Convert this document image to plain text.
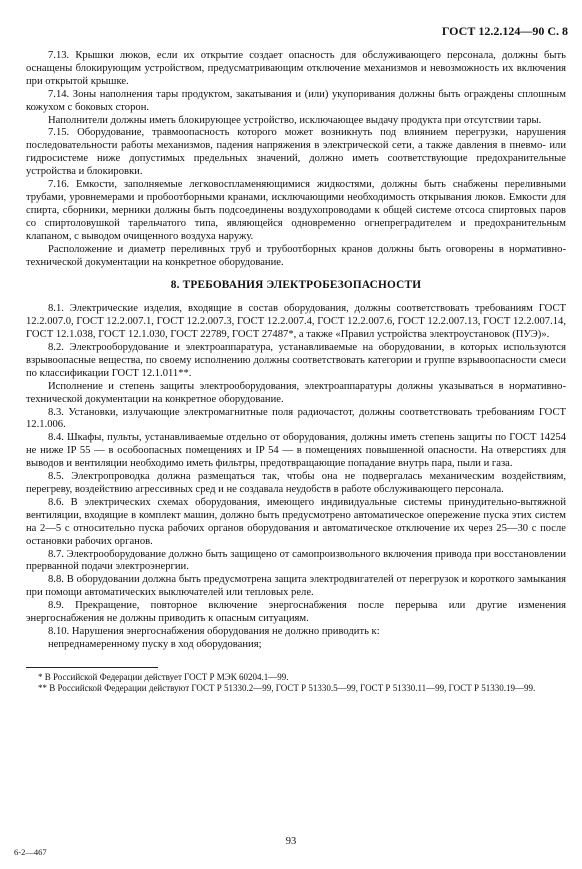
ГОСТ 12.2.124—90 С. 8

7.13. Крышки люков, если их открытие создает опасность для обслуживающего персонала, должны быть оснащены блокирующим устройством, предусматривающим отключение механизмов и невозможность их включения при открытой крышке.

7.14. Зоны наполнения тары продуктом, закатывания и (или) укупоривания должны быть ограждены сплошным кожухом с боковых сторон.

Наполнители должны иметь блокирующее устройство, исключающее выдачу продукта при отсутствии тары.

7.15. Оборудование, травмоопасность которого может возникнуть под влиянием перегрузки, нарушения последовательности работы механизмов, падения напряжения в электрической сети, а также давления в пневмо- или гидросистеме ниже допустимых предельных значений, должно иметь соответствующие предохранительные устройства и блокировки.

7.16. Емкости, заполняемые легковоспламеняющимися жидкостями, должны быть снабжены переливными трубами, уровнемерами и пробоотборными кранами, исключающими необходимость открывания люков. Емкости для спирта, сборники, мерники должны быть подсоединены воздухопроводами к общей системе отсоса спиртовых паров со спиртоловушкой тарельчатого типа, являющейся одновременно огнепреградителем и предохранительным клапаном, с выводом очищенного воздуха наружу.

Расположение и диаметр переливных труб и трубоотборных кранов должны быть оговорены в нормативно-технической документации на конкретное оборудование.

8. ТРЕБОВАНИЯ ЭЛЕКТРОБЕЗОПАСНОСТИ

8.1. Электрические изделия, входящие в состав оборудования, должны соответствовать требованиям ГОСТ 12.2.007.0, ГОСТ 12.2.007.1, ГОСТ 12.2.007.3, ГОСТ 12.2.007.4, ГОСТ 12.2.007.6, ГОСТ 12.2.007.13, ГОСТ 12.2.007.14, ГОСТ 12.1.038, ГОСТ 12.1.030, ГОСТ 22789, ГОСТ 27487*, а также «Правил устройства электроустановок (ПУЭ)».

8.2. Электрооборудование и электроаппаратура, устанавливаемые на оборудовании, в которых используются взрывоопасные вещества, по своему исполнению должны соответствовать категории и группе взрывоопасности смеси по классификации ГОСТ 12.1.011**.

Исполнение и степень защиты электрооборудования, электроаппаратуры должны указываться в нормативно-технической документации на конкретное оборудование.

8.3. Установки, излучающие электромагнитные поля радиочастот, должны соответствовать требованиям ГОСТ 12.1.006.

8.4. Шкафы, пульты, устанавливаемые отдельно от оборудования, должны иметь степень защиты по ГОСТ 14254 не ниже IP 55 — в особоопасных помещениях и IP 54 — в помещениях повышенной опасности. На отверстиях для выводов и вентиляции необходимо иметь фильтры, предотвращающие попадание внутрь пара, пыли и газа.

8.5. Электропроводка должна размещаться так, чтобы она не подвергалась механическим воздействиям, перегреву, воздействию агрессивных сред и не создавала неудобств в работе обслуживающего персонала.

8.6. В электрических схемах оборудования, имеющего индивидуальные системы принудительно-вытяжной вентиляции, входящие в комплект машин, должно быть предусмотрено автоматическое опережение пуска этих систем на 2—5 с относительно пуска рабочих органов оборудования и автоматическое отключение их через 25—30 с после остановки рабочих органов.

8.7. Электрооборудование должно быть защищено от самопроизвольного включения привода при восстановлении прерванной подачи электроэнергии.

8.8. В оборудовании должна быть предусмотрена защита электродвигателей от перегрузок и короткого замыкания при помощи автоматических выключателей или тепловых реле.

8.9. Прекращение, повторное включение энергоснабжения после перерыва или другие изменения энергоснабжения не должны приводить к опасным ситуациям.

8.10. Нарушения энергоснабжения оборудования не должно приводить к:

непреднамеренному пуску в ход оборудования;

* В Российской Федерации действует ГОСТ Р МЭК 60204.1—99.

** В Российской Федерации действуют ГОСТ Р 51330.2—99, ГОСТ Р 51330.5—99, ГОСТ Р 51330.11—99, ГОСТ Р 51330.19—99.

93
6-2—467
